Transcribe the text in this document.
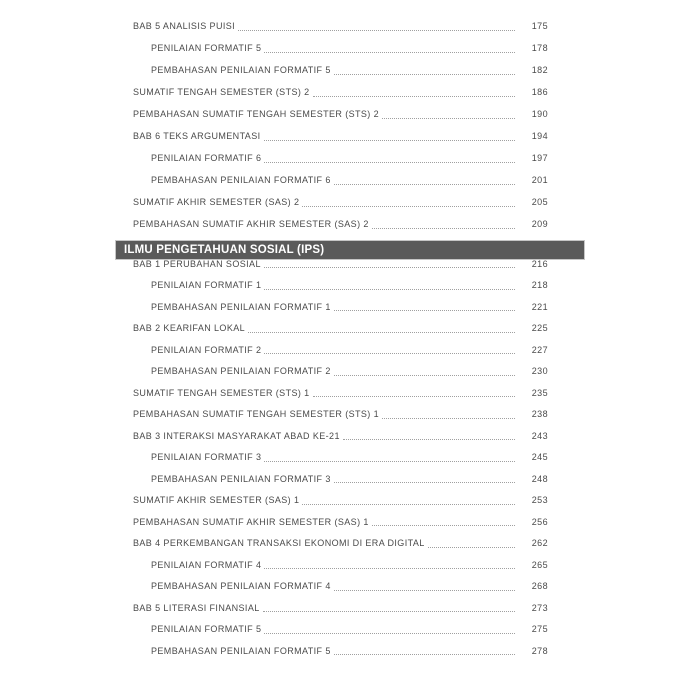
BAB 5 ANALISIS PUISI	175
PENILAIAN FORMATIF 5	178
PEMBAHASAN PENILAIAN FORMATIF 5	182
SUMATIF TENGAH SEMESTER (STS) 2	186
PEMBAHASAN SUMATIF TENGAH SEMESTER (STS) 2	190
BAB 6 TEKS ARGUMENTASI	194
PENILAIAN FORMATIF 6	197
PEMBAHASAN PENILAIAN FORMATIF 6	201
SUMATIF AKHIR SEMESTER (SAS) 2	205
PEMBAHASAN SUMATIF AKHIR SEMESTER (SAS) 2	209
ILMU PENGETAHUAN SOSIAL (IPS)
BAB 1 PERUBAHAN SOSIAL	216
PENILAIAN FORMATIF 1	218
PEMBAHASAN PENILAIAN FORMATIF 1	221
BAB 2 KEARIFAN LOKAL	225
PENILAIAN FORMATIF 2	227
PEMBAHASAN PENILAIAN FORMATIF 2	230
SUMATIF TENGAH SEMESTER (STS) 1	235
PEMBAHASAN SUMATIF TENGAH SEMESTER (STS) 1	238
BAB 3 INTERAKSI MASYARAKAT ABAD KE-21	243
PENILAIAN FORMATIF 3	245
PEMBAHASAN PENILAIAN FORMATIF 3	248
SUMATIF AKHIR SEMESTER (SAS) 1	253
PEMBAHASAN SUMATIF AKHIR SEMESTER (SAS) 1	256
BAB 4 PERKEMBANGAN TRANSAKSI EKONOMI DI ERA DIGITAL	262
PENILAIAN FORMATIF 4	265
PEMBAHASAN PENILAIAN FORMATIF 4	268
BAB 5 LITERASI FINANSIAL	273
PENILAIAN FORMATIF 5	275
PEMBAHASAN PENILAIAN FORMATIF 5	278
